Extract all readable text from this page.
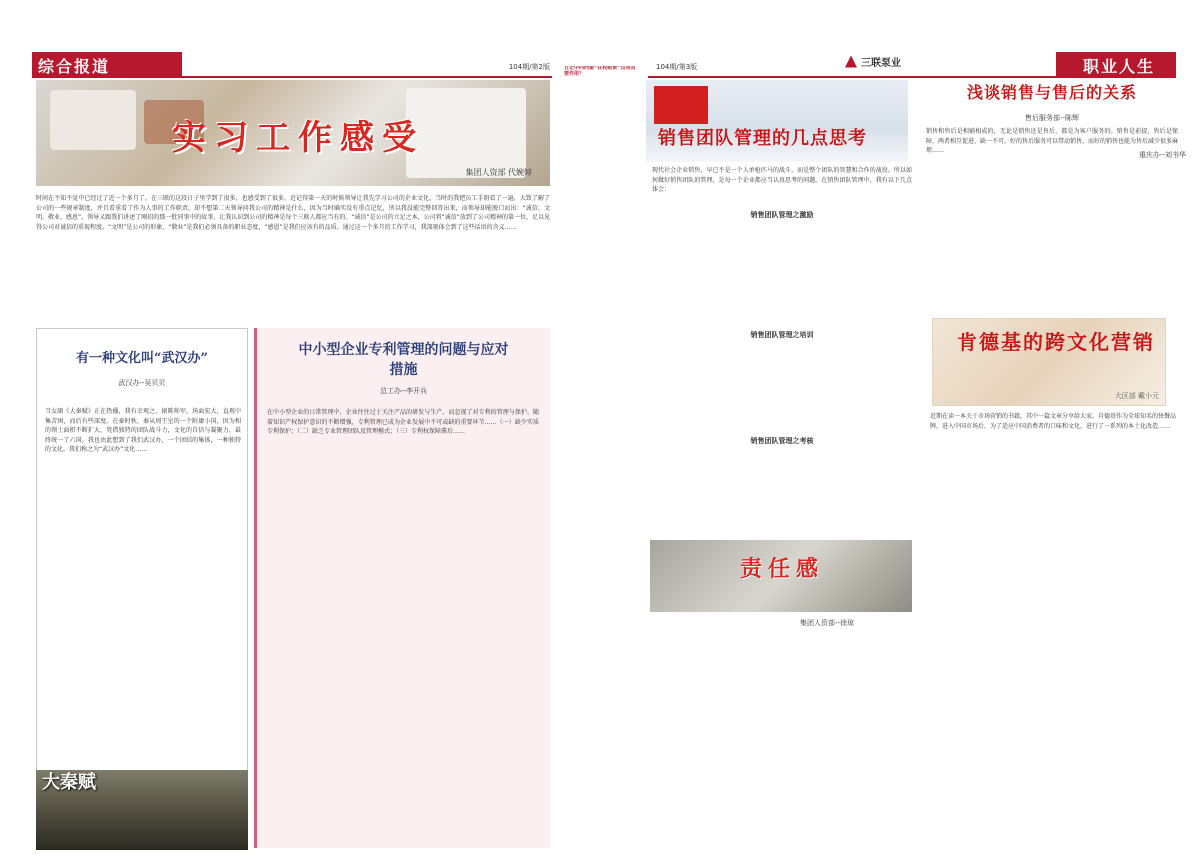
综合报道	104期/第2版
实习工作感受
集团人资部 代婉婷
时间在不知不觉中已经过了近一个多月了。在三联的这段日子里学到了很多，也感受到了很多。近记得第一天的时候领导让我先学习公司的企业文化。当时的我把员工手册看了一遍，大致了解了公司的一些规章制度，并且看重看了作为人事的工作职责，却不想第二天领导问我公司的精神是什么，因为当时确实没有重点记忆，所以我没能完整回答出来，而领导却能脱口而出：“诚信、文明、敬业、感恩”。领导又跟我们讲述了刚招的那一批同事中的故事，让我认识到公司的精神是每个三联人都应当有的。“诚信”是公司的立足之本，公司将“诚信”放到了公司精神的第一位，足以见得公司对诚信的重视程度。“文明”是公司的形象，“敬业”是我们必须具备的职业态度，“感恩”是我们应该有的品质。通过这一个多月的工作学习，我深刻体会到了这些话语的含义……
有一种文化叫“武汉办”
武汉办--吴贝贝
当女副《大秦赋》正在热播，我有幸观之。据陈帅军，场面宏大，直观中集苦困，而后有些深度。在秦时秋，秦从周王室的一个附庸小国，因为相的领土面积不断扩大，凭借独特的团队战斗力，文化的自信与凝聚力，最终统一了六国。我也由此想到了我们武汉办，一个团结的集体，一种独特的文化，我们称之为“武汉办”文化……
中小型企业专利管理的问题与应对措施
总工办--李开兵
在中小型企业的日常管理中，企业往往过于关注产品的研发与生产，而忽视了对专利的管理与保护。随着知识产权保护意识的不断增强，专利管理已成为企业发展中不可或缺的重要环节……（一）缺少实质专利保护；（二）缺乏专业管理团队及管理模式；（三）专利权保障滞后……
大秦赋
日记中向同窗“在校职责”这项首要作用？
104期/第3版	三联泵业	职业人生
销售团队管理的几点思考
重庆办--刘书华
现代社会企业销售，早已不是一个人单枪匹马的战斗，而是整个团队的智慧和合作的战役。所以如何做好销售团队的管理，是每一个企业都应当认真思考的问题。在销售团队管理中，我有以下几点体会：
销售团队管理之激励
销售团队管理之培训
销售团队管理之考核
责任感
集团人资部--徐琼
浅谈销售与售后的关系
售后服务部--陈辉
销售和售后是相辅相成的，无论是销售还是售后，都是为客户服务的。销售是前提，售后是保障，两者相互促进、缺一不可。好的售后服务可以带动销售，而好的销售也能为售后减少很多麻烦……
肯德基的跨文化营销
大区部 戴小元
近期在读一本关于市场营销的书籍，其中一篇文章分享给大家。肯德基作为全球知名的快餐品牌，进入中国市场后，为了适应中国消费者的口味和文化，进行了一系列的本土化改造……
